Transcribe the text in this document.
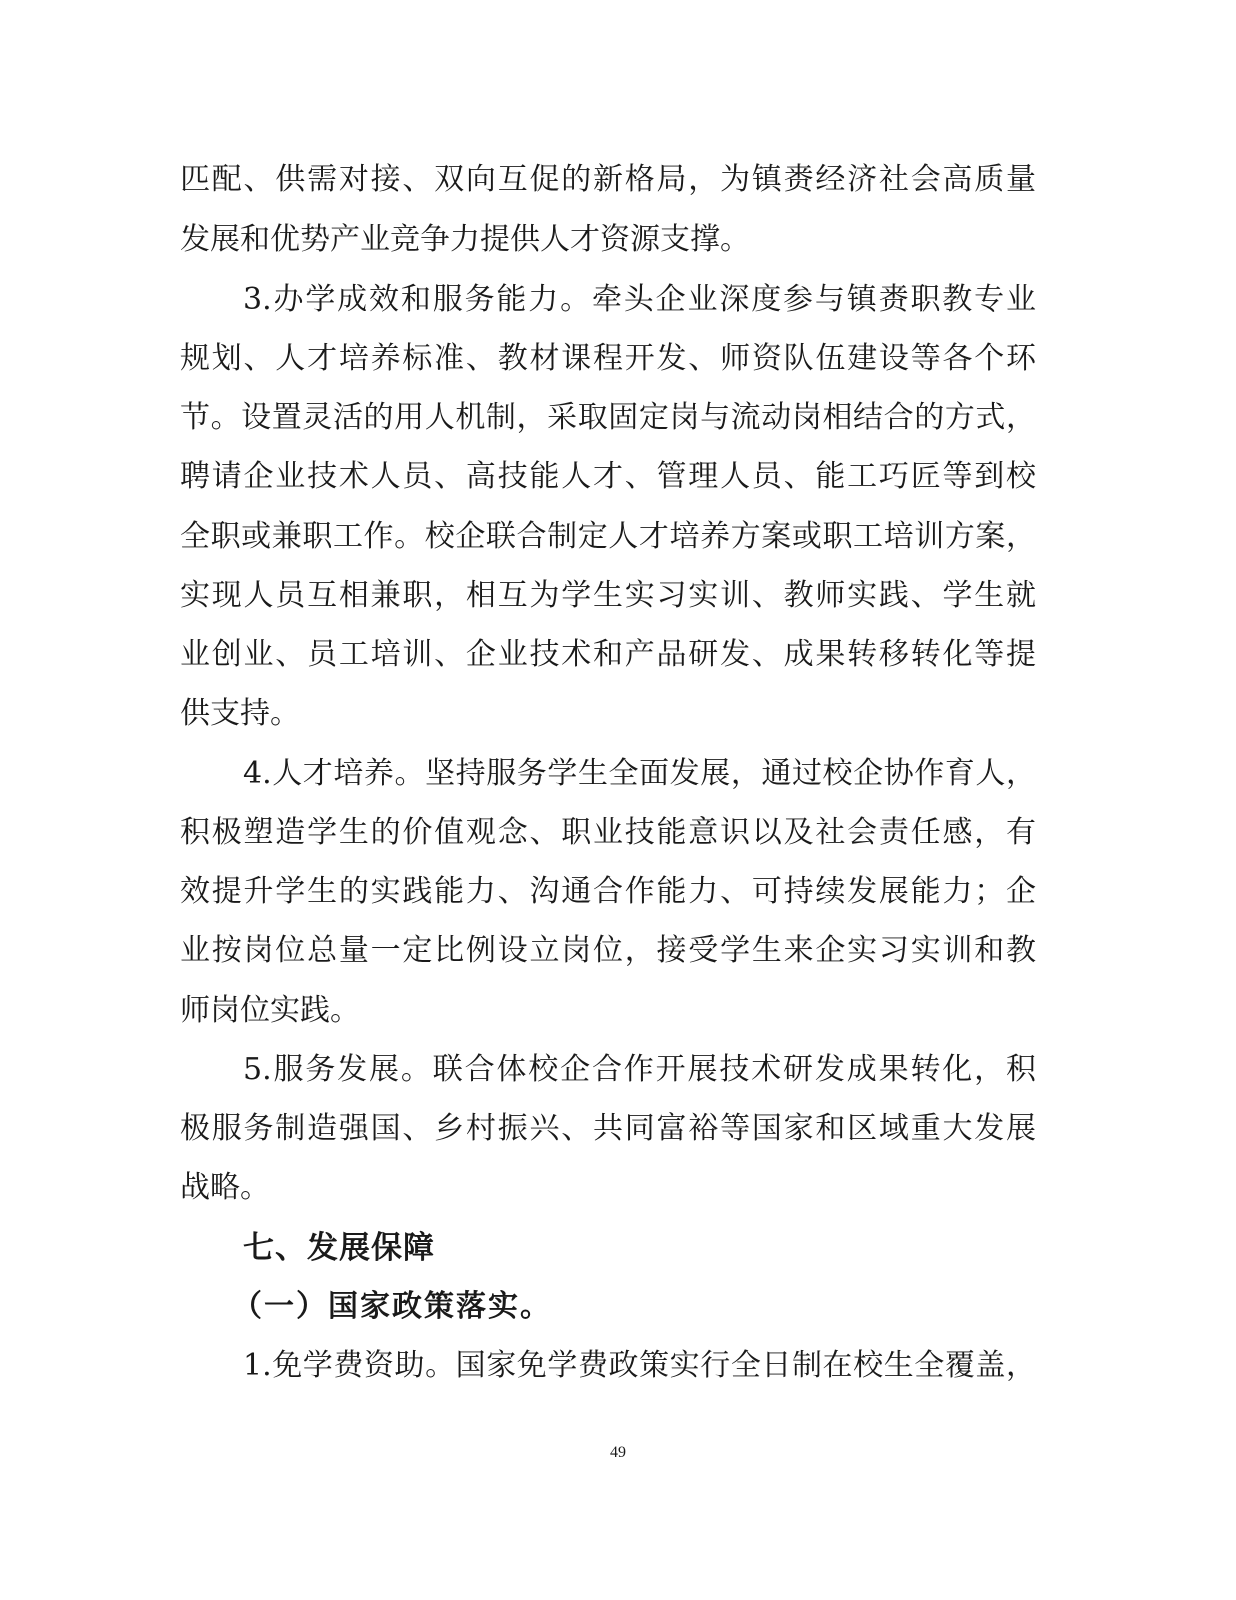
匹配、供需对接、双向互促的新格局，为镇赉经济社会高质量
发展和优势产业竞争力提供人才资源支撑。
3.办学成效和服务能力。牵头企业深度参与镇赉职教专业
规划、人才培养标准、教材课程开发、师资队伍建设等各个环
节。设置灵活的用人机制，采取固定岗与流动岗相结合的方式，
聘请企业技术人员、高技能人才、管理人员、能工巧匠等到校
全职或兼职工作。校企联合制定人才培养方案或职工培训方案，
实现人员互相兼职，相互为学生实习实训、教师实践、学生就
业创业、员工培训、企业技术和产品研发、成果转移转化等提
供支持。
4.人才培养。坚持服务学生全面发展，通过校企协作育人，
积极塑造学生的价值观念、职业技能意识以及社会责任感，有
效提升学生的实践能力、沟通合作能力、可持续发展能力；企
业按岗位总量一定比例设立岗位，接受学生来企实习实训和教
师岗位实践。
5.服务发展。联合体校企合作开展技术研发成果转化，积
极服务制造强国、乡村振兴、共同富裕等国家和区域重大发展
战略。
七、发展保障
（一）国家政策落实。
1.免学费资助。国家免学费政策实行全日制在校生全覆盖，
49
